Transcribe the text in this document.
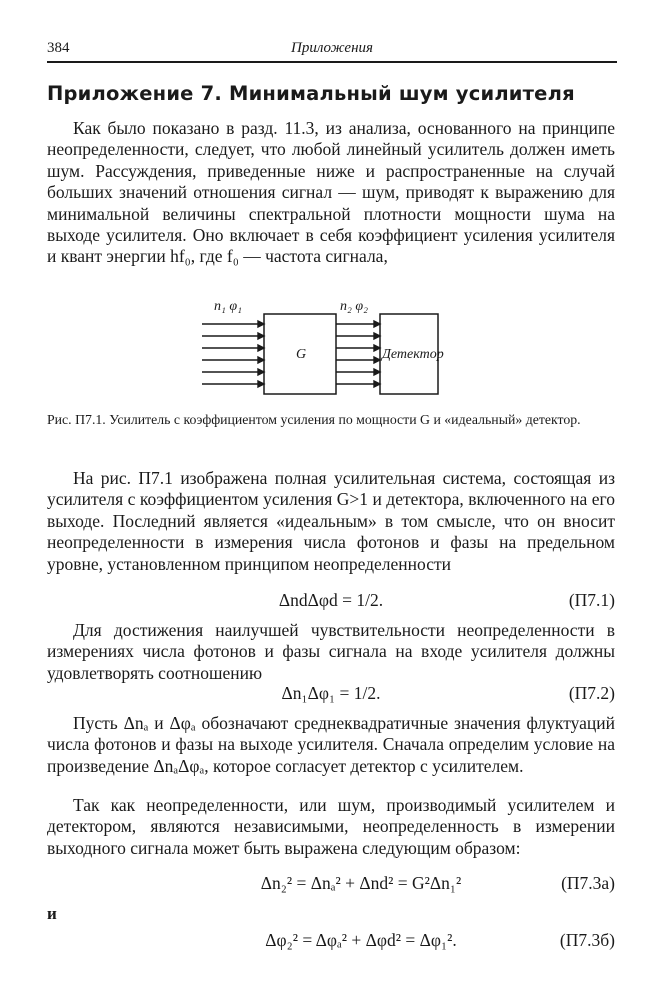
384	Приложения
Приложение 7. Минимальный шум усилителя

Как было показано в разд. 11.3, из анализа, основанного на принципе неопределенности, следует, что любой линейный усилитель должен иметь шум. Рассуждения, приведенные ниже и распространенные на случай больших значений отношения сигнал — шум, приводят к выражению для минимальной величины спектральной плотности мощности шума на выходе усилителя. Оно включает в себя коэффициент усиления усилителя и квант энергии hf₀, где f₀ — частота сигнала,

n₁ φ₁	n₂ φ₂
G	Детектор

Рис. П7.1. Усилитель с коэффициентом усиления по мощности G и «идеальный» детектор.

На рис. П7.1 изображена полная усилительная система, состоящая из усилителя с коэффициентом усиления G>1 и детектора, включенного на его выходе. Последний является «идеальным» в том смысле, что он вносит неопределенности в измерения числа фотонов и фазы на предельном уровне, установленном принципом неопределенности

ΔndΔφd = 1/2.	(П7.1)

Для достижения наилучшей чувствительности неопределенности в измерениях числа фотонов и фазы сигнала на входе усилителя должны удовлетворять соотношению

Δn₁Δφ₁ = 1/2.	(П7.2)

Пусть Δnₐ и Δφₐ обозначают среднеквадратичные значения флуктуаций числа фотонов и фазы на выходе усилителя. Сначала определим условие на произведение ΔnₐΔφₐ, которое согласует детектор с усилителем.

Так как неопределенности, или шум, производимый усилителем и детектором, являются независимыми, неопределенность в измерении выходного сигнала может быть выражена следующим образом:

Δn₂² = Δnₐ² + Δnd² = G²Δn₁²	(П7.3а)
и
Δφ₂² = Δφₐ² + Δφd² = Δφ₁².	(П7.3б)
